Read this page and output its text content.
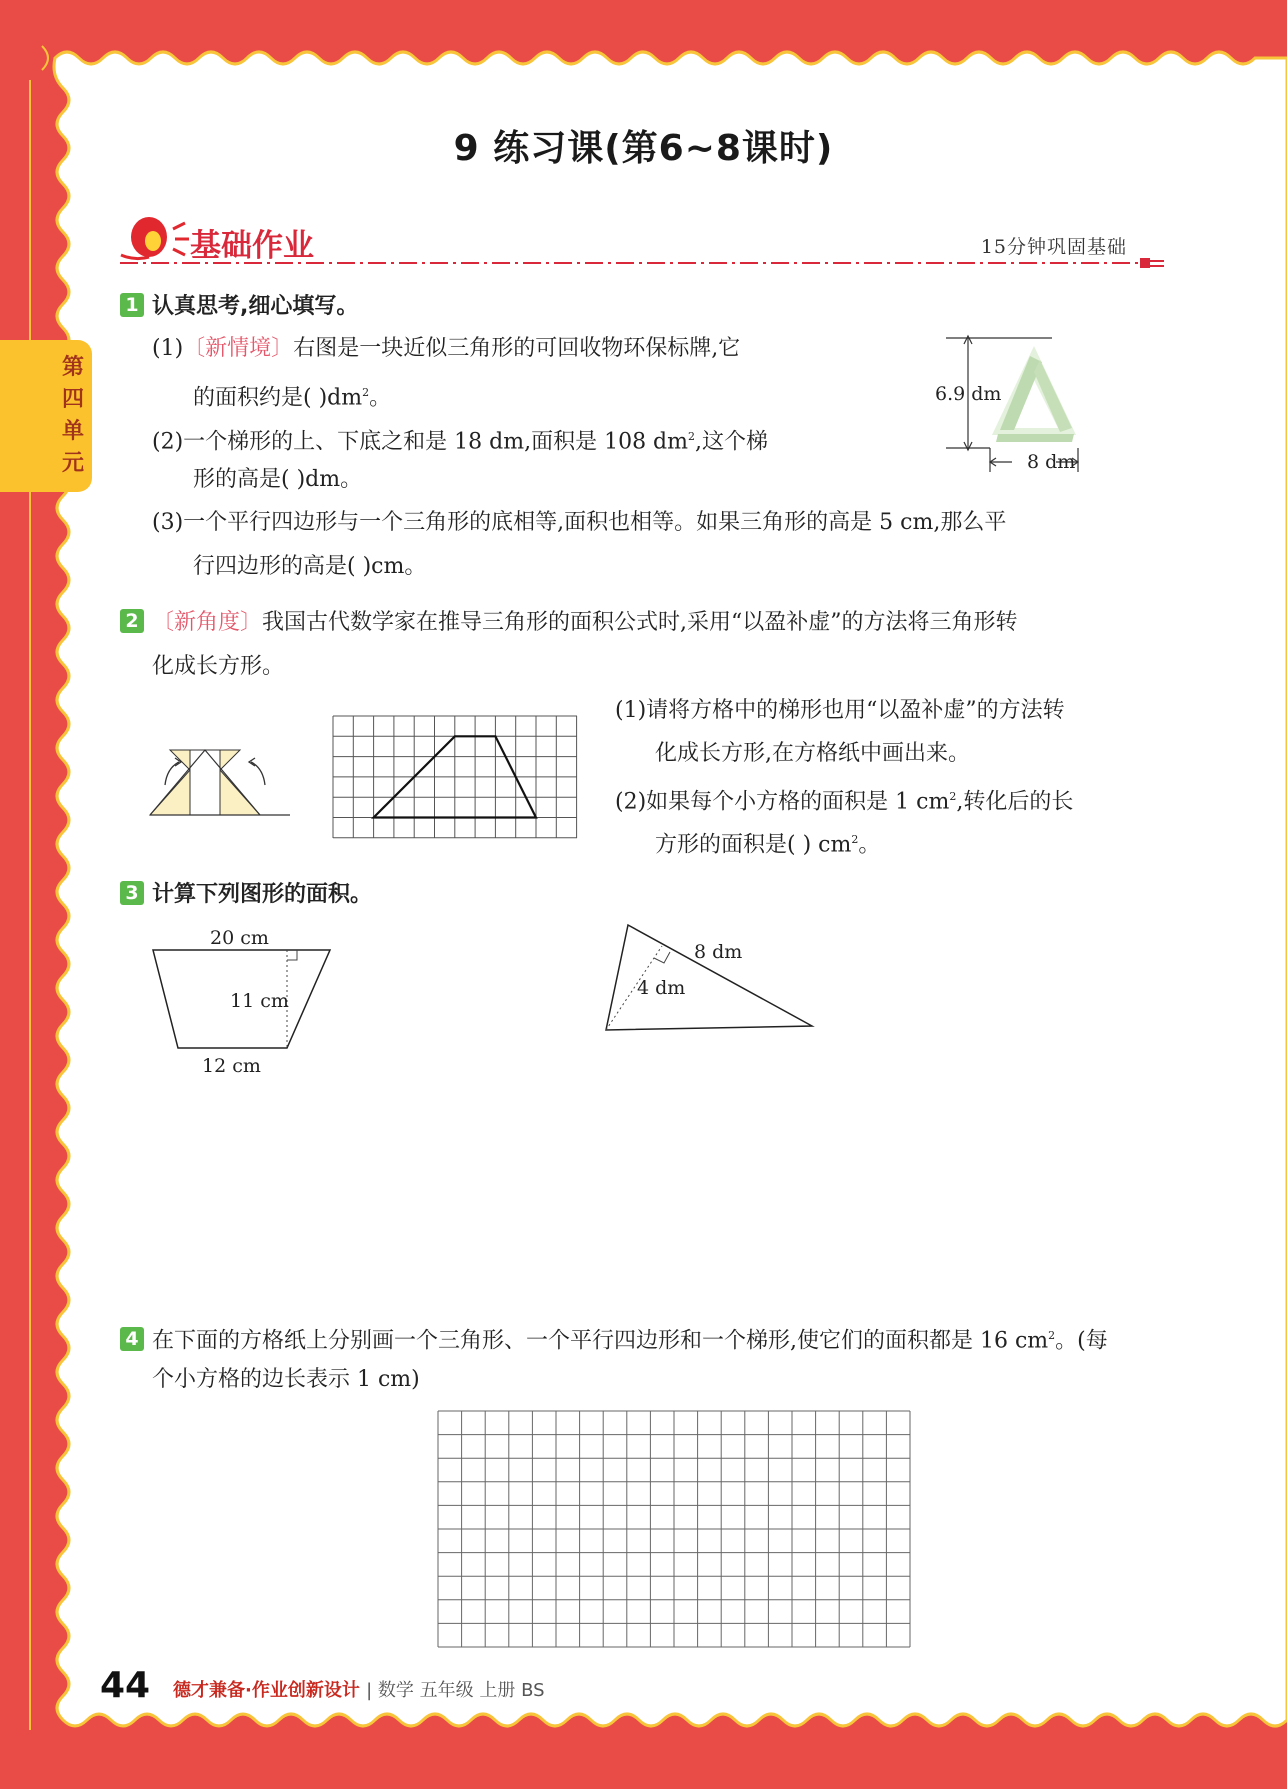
第四单元
9 练习课(第6~8课时)
基础作业	15分钟巩固基础
1 认真思考,细心填写。
(1)〔新情境〕右图是一块近似三角形的可回收物环保标牌,它
的面积约是( )$dm^2$。
(2)一个梯形的上、下底之和是 18 dm,面积是 108 $dm^2$,这个梯
形的高是( )dm。
(3)一个平行四边形与一个三角形的底相等,面积也相等。如果三角形的高是 5 cm,那么平
行四边形的高是( )cm。
6.9 dm
8 dm
2 〔新角度〕我国古代数学家在推导三角形的面积公式时,采用“以盈补虚”的方法将三角形转
化成长方形。
(1)请将方格中的梯形也用“以盈补虚”的方法转
化成长方形,在方格纸中画出来。
(2)如果每个小方格的面积是 1 $cm^2$,转化后的长
方形的面积是( ) $cm^2$。
3 计算下列图形的面积。
20 cm
11 cm
12 cm
8 dm
4 dm
4 在下面的方格纸上分别画一个三角形、一个平行四边形和一个梯形,使它们的面积都是 16 $cm^2$。(每
个小方格的边长表示 1 cm)
44 德才兼备·作业创新设计 | 数学 五年级 上册 BS
